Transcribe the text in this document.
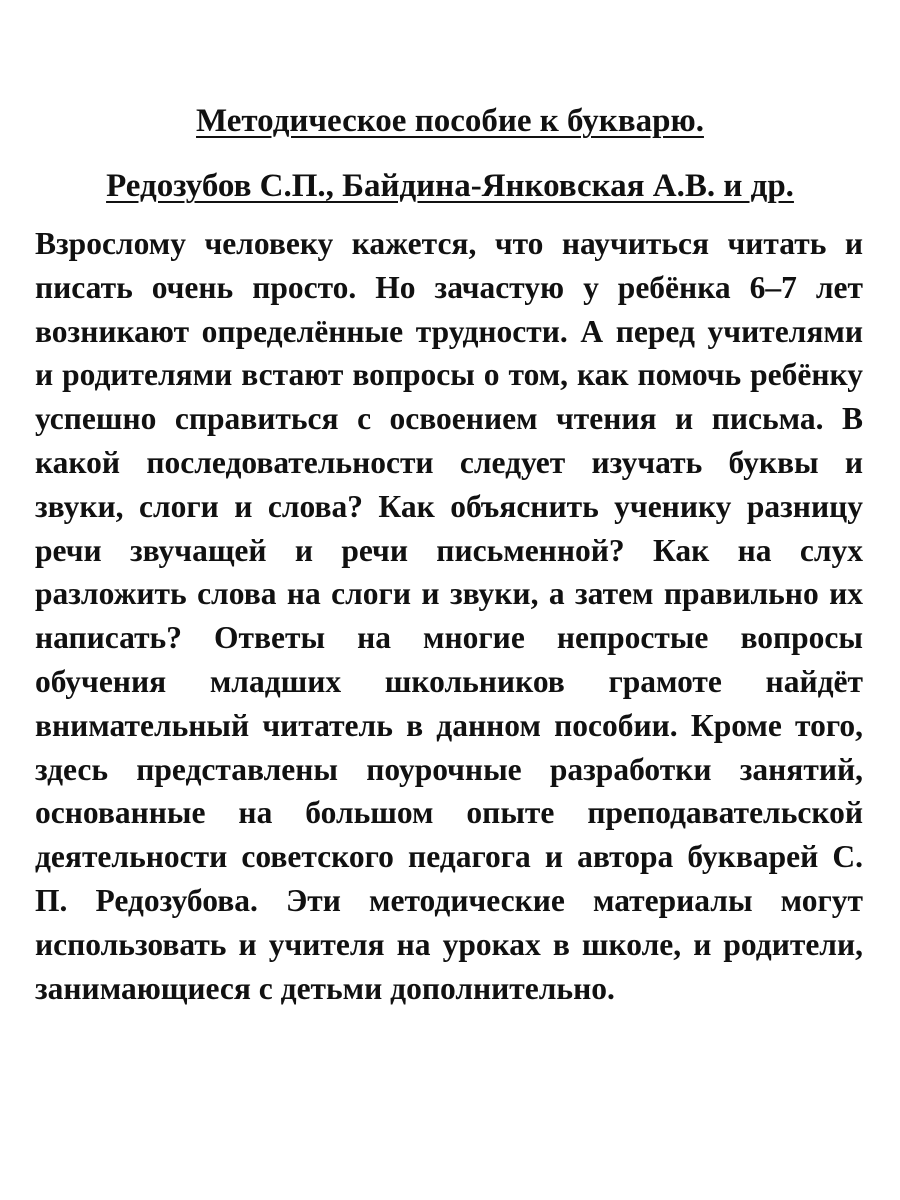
Методическое пособие к букварю.
Редозубов С.П., Байдина-Янковская А.В. и др.

Взрослому человеку кажется, что научиться читать и писать очень просто. Но зачастую у ребёнка 6–7 лет возникают определённые трудности. А перед учителями и родителями встают вопросы о том, как помочь ребёнку успешно справиться с освоением чтения и письма. В какой последовательности следует изучать буквы и звуки, слоги и слова? Как объяснить ученику разницу речи звучащей и речи письменной? Как на слух разложить слова на слоги и звуки, а затем правильно их написать? Ответы на многие непростые вопросы обучения младших школьников грамоте найдёт внимательный читатель в данном пособии. Кроме того, здесь представлены поурочные разработки занятий, основанные на большом опыте преподавательской деятельности советского педагога и автора букварей С. П. Редозубова. Эти методические материалы могут использовать и учителя на уроках в школе, и родители, занимающиеся с детьми дополнительно.
